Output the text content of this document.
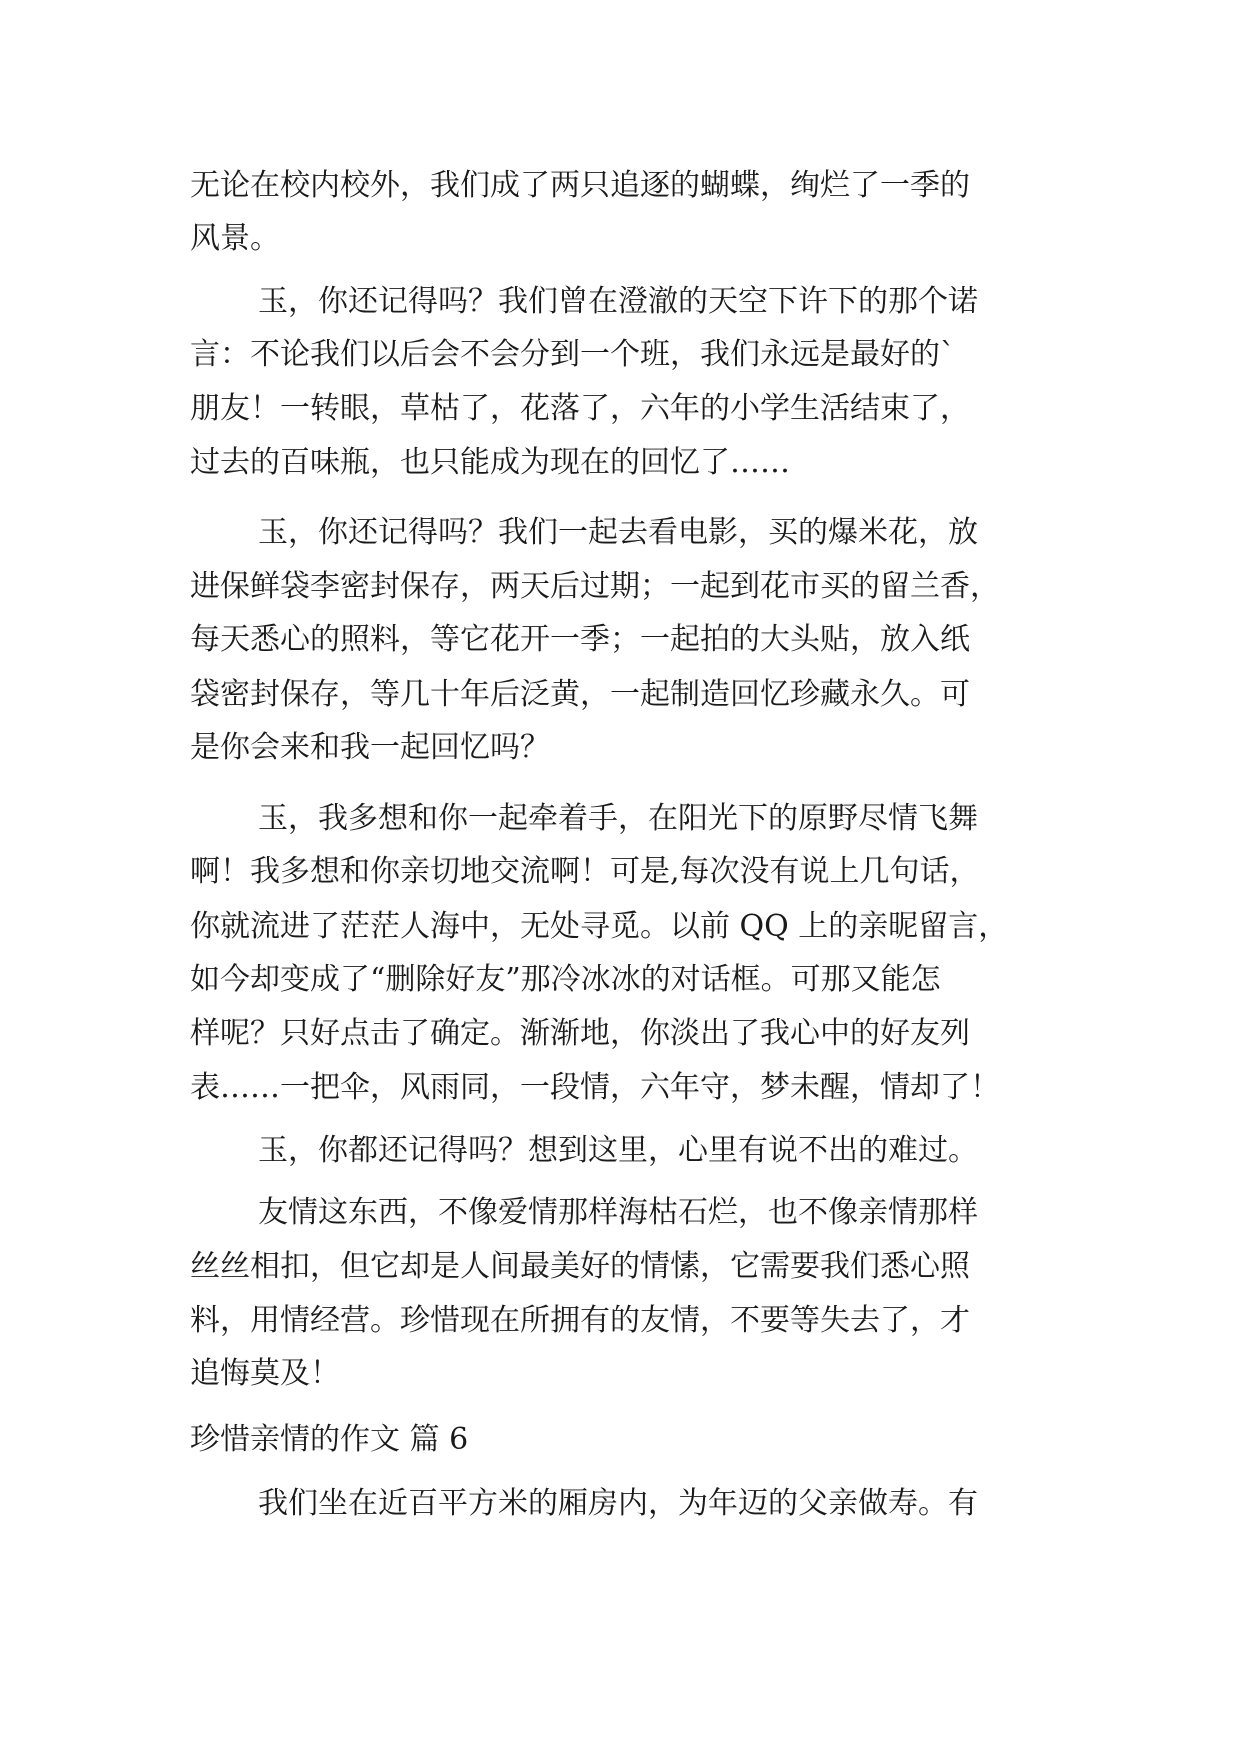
无论在校内校外，我们成了两只追逐的蝴蝶，绚烂了一季的
风景。
玉，你还记得吗？我们曾在澄澈的天空下许下的那个诺
言：不论我们以后会不会分到一个班，我们永远是最好的`
朋友！一转眼，草枯了，花落了，六年的小学生活结束了，
过去的百味瓶，也只能成为现在的回忆了……
玉，你还记得吗？我们一起去看电影，买的爆米花，放
进保鲜袋李密封保存，两天后过期；一起到花市买的留兰香，
每天悉心的照料，等它花开一季；一起拍的大头贴，放入纸
袋密封保存，等几十年后泛黄，一起制造回忆珍藏永久。可
是你会来和我一起回忆吗？
玉，我多想和你一起牵着手，在阳光下的原野尽情飞舞
啊！我多想和你亲切地交流啊！可是,每次没有说上几句话，
你就流进了茫茫人海中，无处寻觅。以前 QQ 上的亲昵留言，
如今却变成了“删除好友”那冷冰冰的对话框。可那又能怎
样呢？只好点击了确定。渐渐地，你淡出了我心中的好友列
表……一把伞，风雨同，一段情，六年守，梦未醒，情却了！
玉，你都还记得吗？想到这里，心里有说不出的难过。
友情这东西，不像爱情那样海枯石烂，也不像亲情那样
丝丝相扣，但它却是人间最美好的情愫，它需要我们悉心照
料，用情经营。珍惜现在所拥有的友情，不要等失去了，才
追悔莫及！
珍惜亲情的作文 篇 6
我们坐在近百平方米的厢房内，为年迈的父亲做寿。有
